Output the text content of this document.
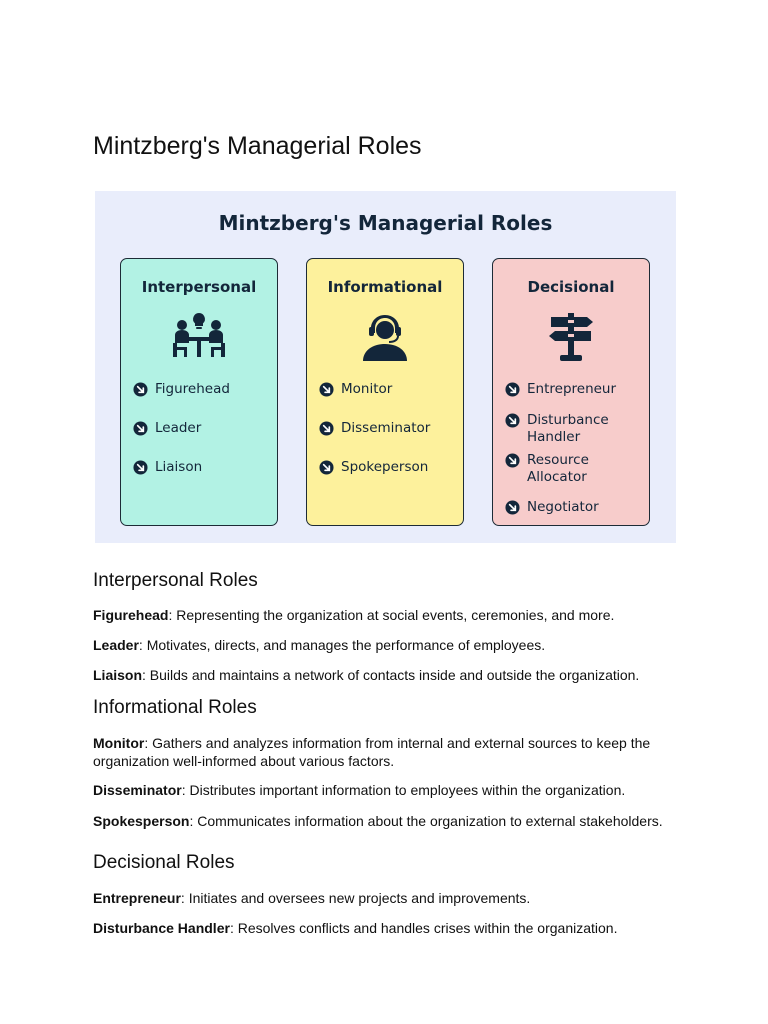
Mintzberg's Managerial Roles
Mintzberg's Managerial Roles
Interpersonal
Figurehead
Leader
Liaison
Informational
Monitor
Disseminator
Spokeperson
Decisional
Entrepreneur
Disturbance Handler
Resource Allocator
Negotiator
Interpersonal Roles

Figurehead: Representing the organization at social events, ceremonies, and more.

Leader: Motivates, directs, and manages the performance of employees.

Liaison: Builds and maintains a network of contacts inside and outside the organization.

Informational Roles

Monitor: Gathers and analyzes information from internal and external sources to keep the organization well-informed about various factors.

Disseminator: Distributes important information to employees within the organization.

Spokesperson: Communicates information about the organization to external stakeholders.

Decisional Roles

Entrepreneur: Initiates and oversees new projects and improvements.

Disturbance Handler: Resolves conflicts and handles crises within the organization.
